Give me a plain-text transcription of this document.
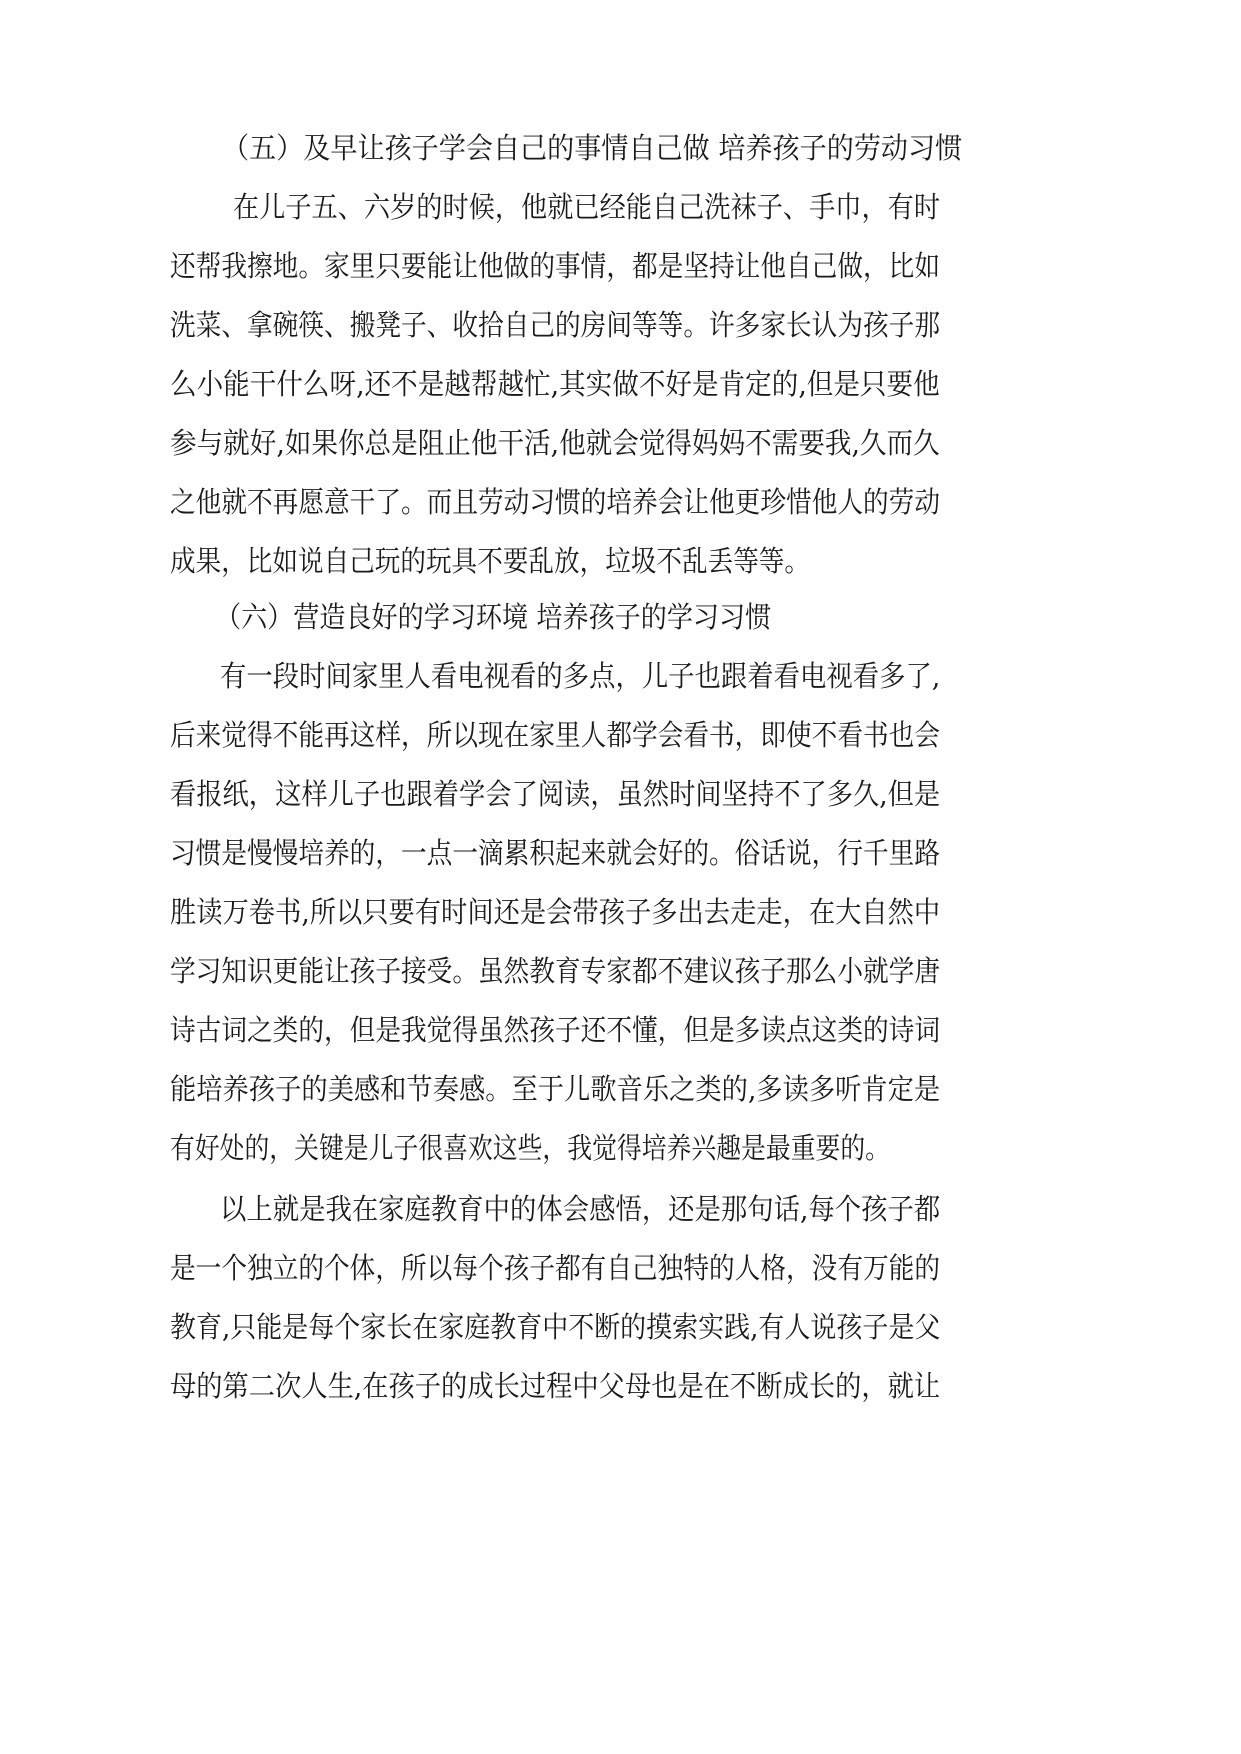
（五）及早让孩子学会自己的事情自己做 培养孩子的劳动习惯

在儿子五、六岁的时候，他就已经能自己洗袜子、手巾，有时

还帮我擦地。家里只要能让他做的事情，都是坚持让他自己做，比如

洗菜、拿碗筷、搬凳子、收拾自己的房间等等。许多家长认为孩子那

么小能干什么呀,还不是越帮越忙,其实做不好是肯定的,但是只要他

参与就好,如果你总是阻止他干活,他就会觉得妈妈不需要我,久而久

之他就不再愿意干了。而且劳动习惯的培养会让他更珍惜他人的劳动

成果，比如说自己玩的玩具不要乱放，垃圾不乱丢等等。

（六）营造良好的学习环境 培养孩子的学习习惯

有一段时间家里人看电视看的多点，儿子也跟着看电视看多了,

后来觉得不能再这样，所以现在家里人都学会看书，即使不看书也会

看报纸，这样儿子也跟着学会了阅读，虽然时间坚持不了多久,但是

习惯是慢慢培养的，一点一滴累积起来就会好的。俗话说，行千里路

胜读万卷书,所以只要有时间还是会带孩子多出去走走，在大自然中

学习知识更能让孩子接受。虽然教育专家都不建议孩子那么小就学唐

诗古词之类的，但是我觉得虽然孩子还不懂，但是多读点这类的诗词

能培养孩子的美感和节奏感。至于儿歌音乐之类的,多读多听肯定是

有好处的，关键是儿子很喜欢这些，我觉得培养兴趣是最重要的。

以上就是我在家庭教育中的体会感悟，还是那句话,每个孩子都

是一个独立的个体，所以每个孩子都有自己独特的人格，没有万能的

教育,只能是每个家长在家庭教育中不断的摸索实践,有人说孩子是父

母的第二次人生,在孩子的成长过程中父母也是在不断成长的，就让
